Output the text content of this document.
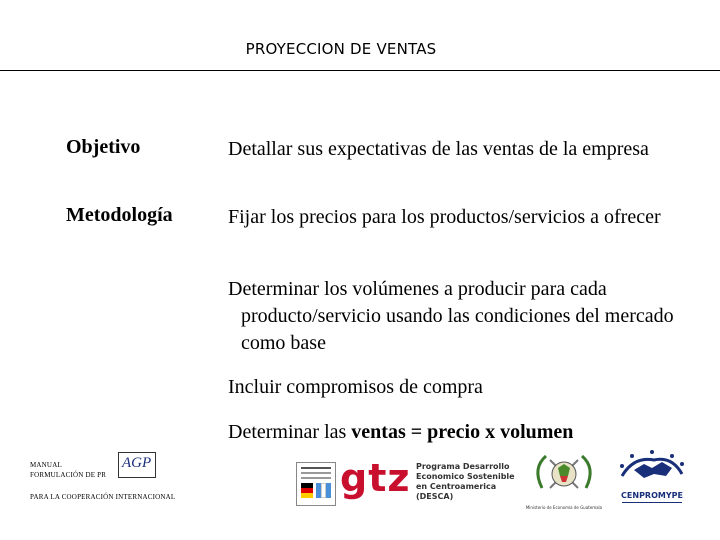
PROYECCION DE VENTAS
Objetivo	Detallar sus expectativas de las ventas de la empresa
Metodología	Fijar los precios para los productos/servicios a ofrecer
Determinar los volúmenes a producir para cada producto/servicio usando las condiciones del mercado como base
Incluir compromisos de compra
Determinar las ventas = precio x volumen
MANUAL
FORMULACIÓN DE PR
PARA LA COOPERACIÓN INTERNACIONAL
AGP	gtz Programa Desarrollo
Economico Sostenible
en Centroamerica
(DESCA)
Ministerio de Economía de Guatemala
CENPROMYPE
